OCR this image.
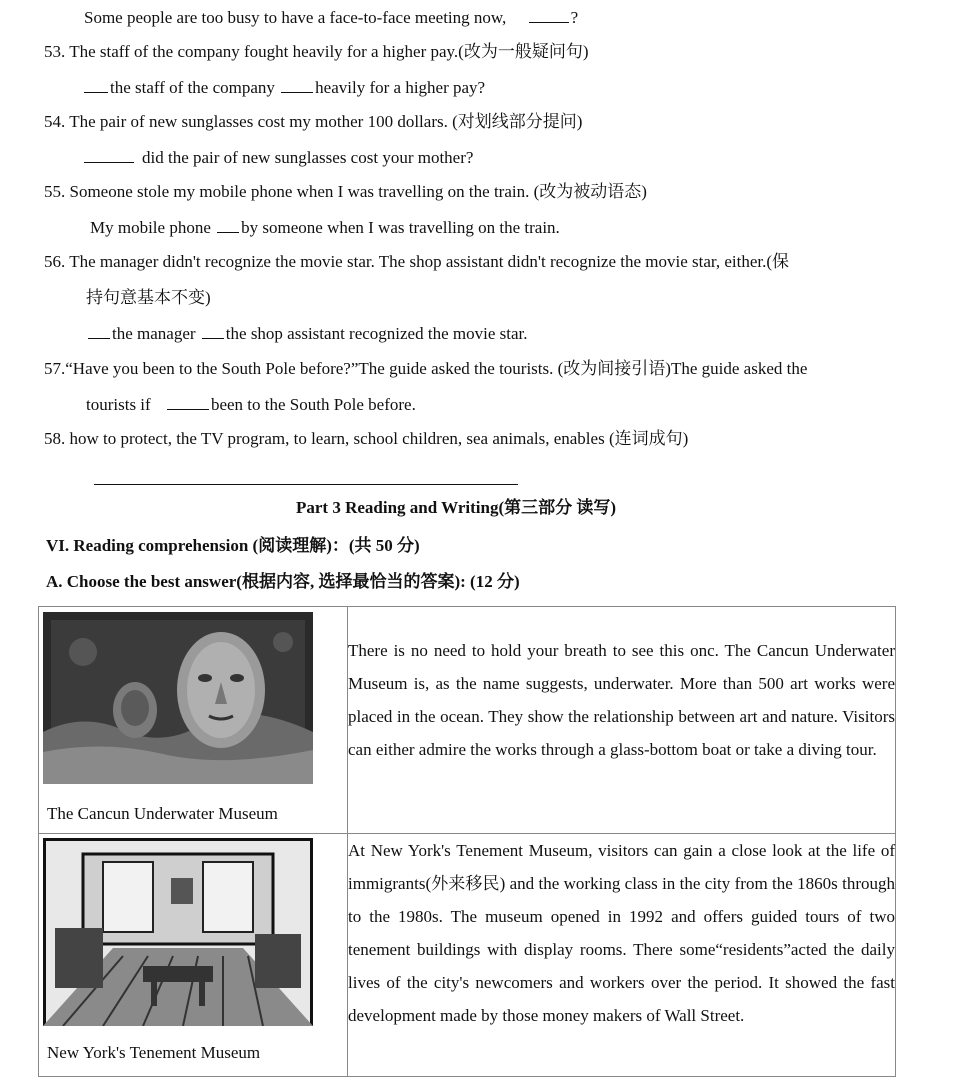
Some people are too busy to have a face-to-face meeting now,	?
53. The staff of the company fought heavily for a higher pay.(改为一般疑问句)
the staff of the company heavily for a higher pay?
54. The pair of new sunglasses cost my mother 100 dollars. (对划线部分提问)
did the pair of new sunglasses cost your mother?
55. Someone stole my mobile phone when I was travelling on the train. (改为被动语态)
My mobile phone by someone when I was travelling on the train.
56. The manager didn't recognize the movie star. The shop assistant didn't recognize the movie star, either.(保
持句意基本不变)
the manager the shop assistant recognized the movie star.
57.“Have you been to the South Pole before?”The guide asked the tourists. (改为间接引语)The guide asked the
tourists if	been to the South Pole before.
58. how to protect, the TV program, to learn, school children, sea animals, enables (连词成句)
Part 3 Reading and Writing(第三部分 读写)
VI. Reading comprehension (阅读理解)：(共 50 分)
A. Choose the best answer(根据内容, 选择最恰当的答案): (12 分)
The Cancun Underwater Museum	There is no need to hold your breath to see this onc. The Cancun Underwater Museum is, as the name suggests, underwater. More than 500 art works were placed in the ocean. They show the relationship between art and nature. Visitors can either admire the works through a glass-bottom boat or take a diving tour.

New York's Tenement Museum	At New York's Tenement Museum, visitors can gain a close look at the life of immigrants(外来移民) and the working class in the city from the 1860s through to the 1980s. The museum opened in 1992 and offers guided tours of two tenement buildings with display rooms. There some“residents”acted the daily lives of the city's newcomers and workers over the period. It showed the fast development made by those money makers of Wall Street.
